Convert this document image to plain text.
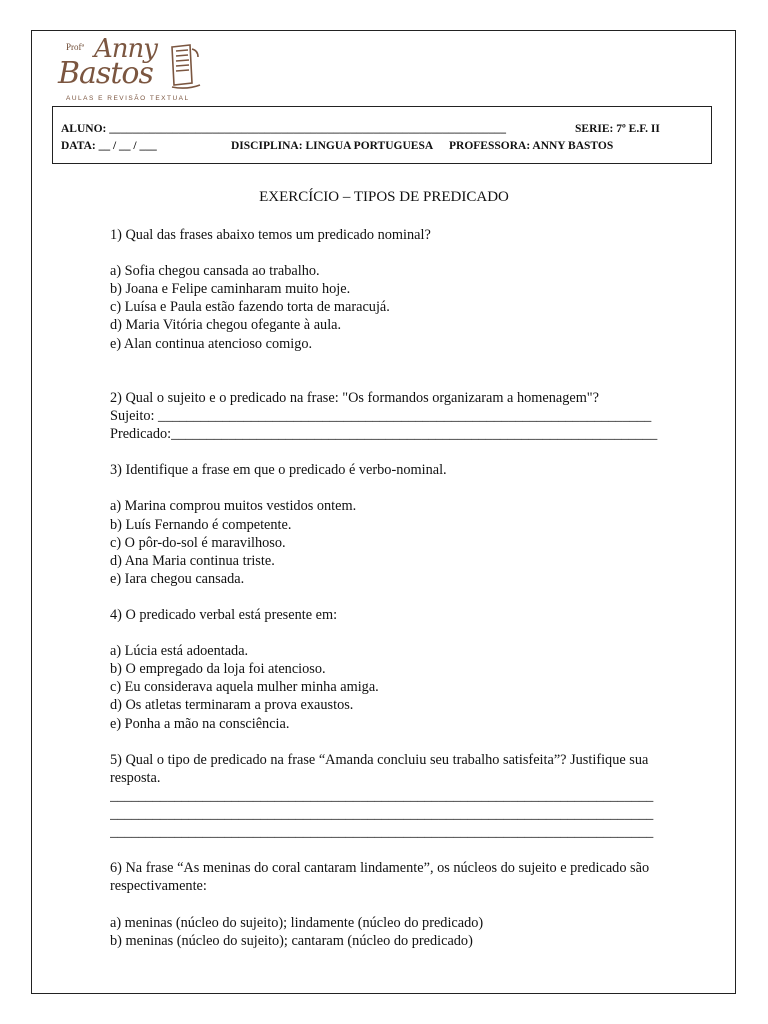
Profª Anny
Bastos
AULAS E REVISÃO TEXTUAL
ALUNO: _____________________________________________________________________	SERIE: 7º E.F. II
DATA: __ / __ / ___	DISCIPLINA: LINGUA PORTUGUESA PROFESSORA: ANNY BASTOS
EXERCÍCIO – TIPOS DE PREDICADO

1) Qual das frases abaixo temos um predicado nominal?

a) Sofia chegou cansada ao trabalho.

b) Joana e Felipe caminharam muito hoje.

c) Luísa e Paula estão fazendo torta de maracujá.

d) Maria Vitória chegou ofegante à aula.

e) Alan continua atencioso comigo.

2) Qual o sujeito e o predicado na frase: "Os formandos organizaram a homenagem"?

Sujeito: _____________________________________________________________________

Predicado:____________________________________________________________________

3) Identifique a frase em que o predicado é verbo-nominal.

a) Marina comprou muitos vestidos ontem.

b) Luís Fernando é competente.

c) O pôr-do-sol é maravilhoso.

d) Ana Maria continua triste.

e) Iara chegou cansada.

4) O predicado verbal está presente em:

a) Lúcia está adoentada.

b) O empregado da loja foi atencioso.

c) Eu considerava aquela mulher minha amiga.

d) Os atletas terminaram a prova exaustos.

e) Ponha a mão na consciência.

5) Qual o tipo de predicado na frase “Amanda concluiu seu trabalho satisfeita”? Justifique sua

resposta.

____________________________________________________________________________

____________________________________________________________________________

____________________________________________________________________________

6) Na frase “As meninas do coral cantaram lindamente”, os núcleos do sujeito e predicado são

respectivamente:

a) meninas (núcleo do sujeito); lindamente (núcleo do predicado)

b) meninas (núcleo do sujeito); cantaram (núcleo do predicado)
